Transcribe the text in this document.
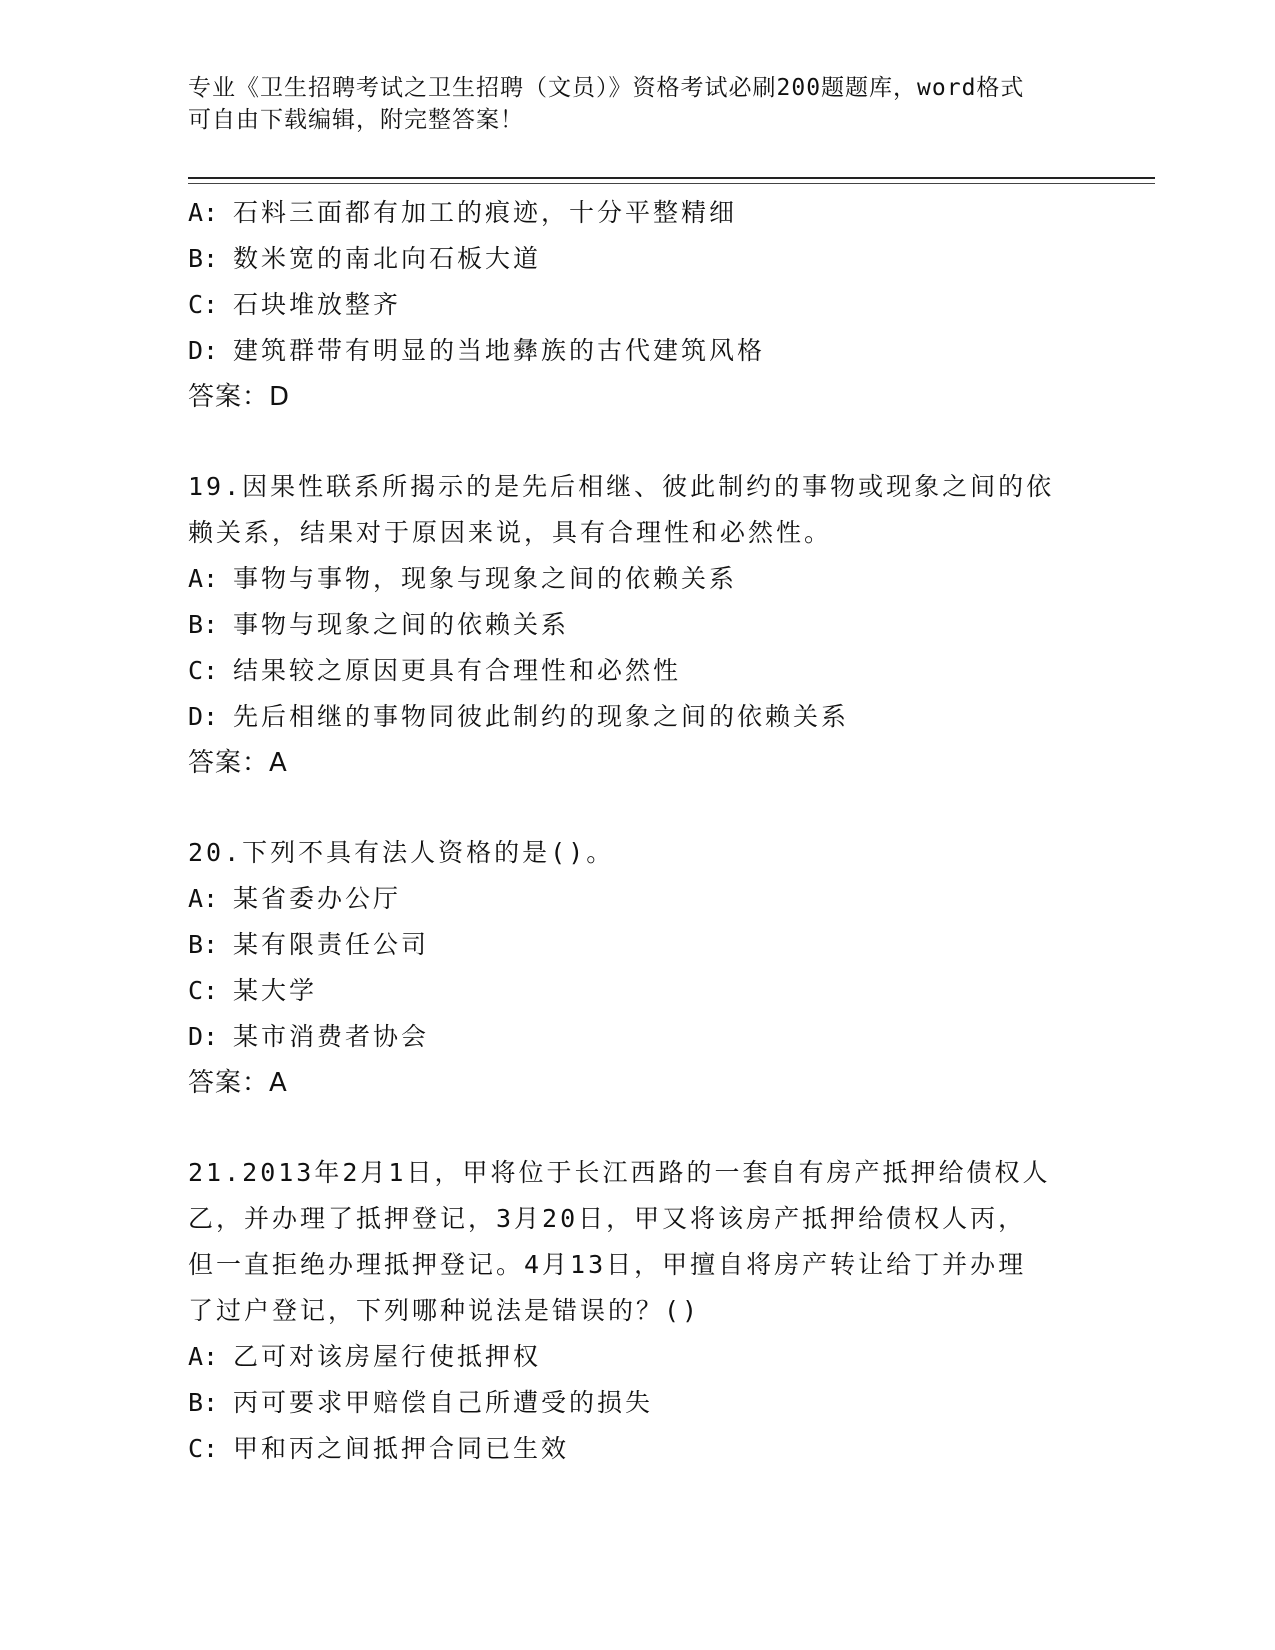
专业《卫生招聘考试之卫生招聘（文员）》资格考试必刷200题题库，word格式
可自由下载编辑，附完整答案！
A: 石料三面都有加工的痕迹，十分平整精细
B: 数米宽的南北向石板大道
C: 石块堆放整齐
D: 建筑群带有明显的当地彝族的古代建筑风格
答案：D
19.因果性联系所揭示的是先后相继、彼此制约的事物或现象之间的依
赖关系，结果对于原因来说，具有合理性和必然性。
A: 事物与事物，现象与现象之间的依赖关系
B: 事物与现象之间的依赖关系
C: 结果较之原因更具有合理性和必然性
D: 先后相继的事物同彼此制约的现象之间的依赖关系
答案：A
20.下列不具有法人资格的是()。
A: 某省委办公厅
B: 某有限责任公司
C: 某大学
D: 某市消费者协会
答案：A
21.2013年2月1日，甲将位于长江西路的一套自有房产抵押给债权人
乙，并办理了抵押登记，3月20日，甲又将该房产抵押给债权人丙，
但一直拒绝办理抵押登记。4月13日，甲擅自将房产转让给丁并办理
了过户登记，下列哪种说法是错误的？()
A: 乙可对该房屋行使抵押权
B: 丙可要求甲赔偿自己所遭受的损失
C: 甲和丙之间抵押合同已生效
